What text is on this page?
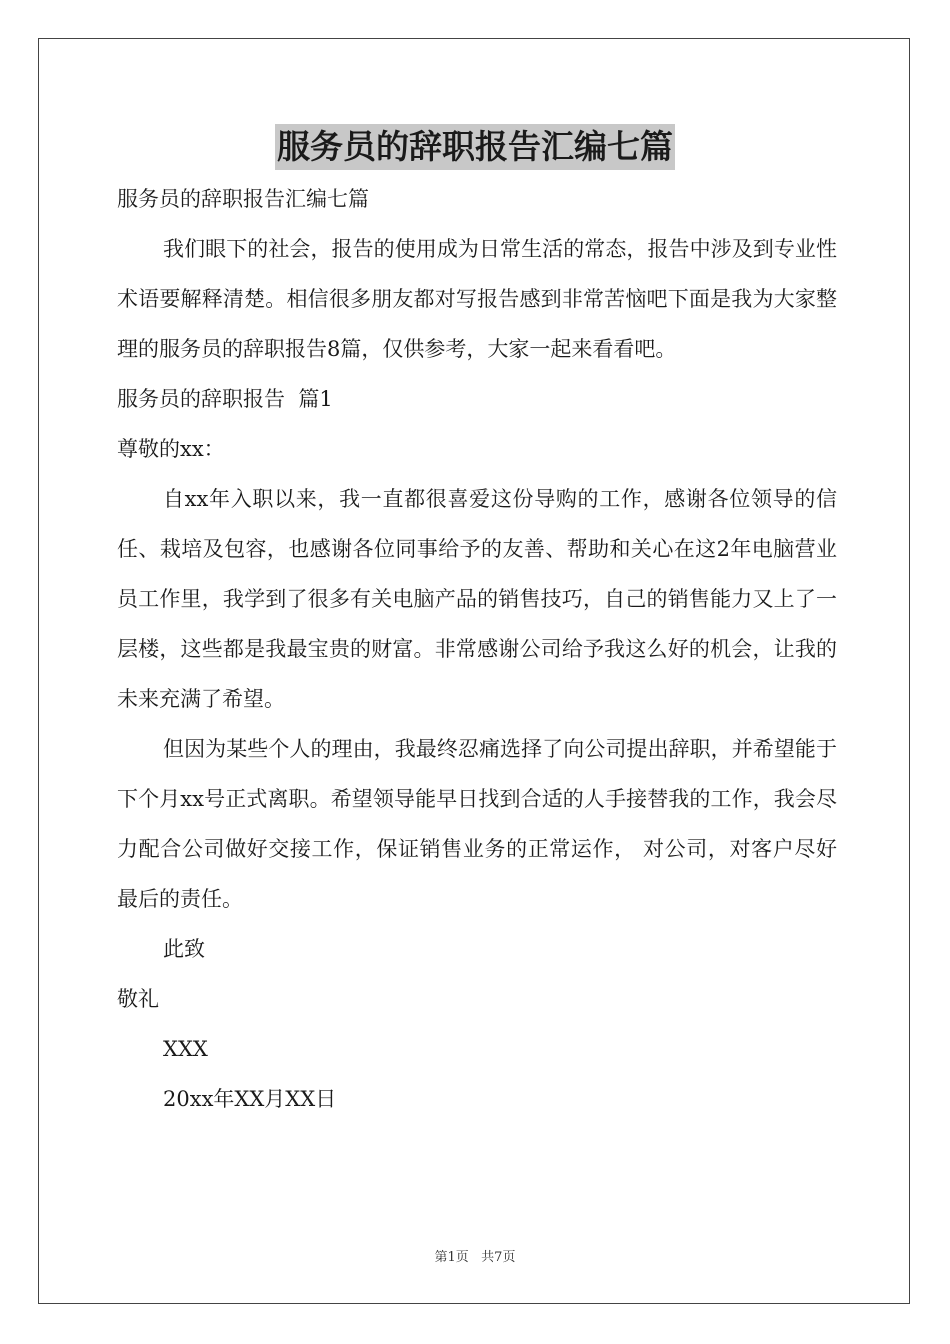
服务员的辞职报告汇编七篇

服务员的辞职报告汇编七篇

我们眼下的社会，报告的使用成为日常生活的常态，报告中涉及到专业性术语要解释清楚。相信很多朋友都对写报告感到非常苦恼吧下面是我为大家整理的服务员的辞职报告8篇，仅供参考，大家一起来看看吧。

服务员的辞职报告  篇1

尊敬的xx：

自xx年入职以来，我一直都很喜爱这份导购的工作，感谢各位领导的信任、栽培及包容，也感谢各位同事给予的友善、帮助和关心在这2年电脑营业员工作里，我学到了很多有关电脑产品的销售技巧，自己的销售能力又上了一层楼，这些都是我最宝贵的财富。非常感谢公司给予我这么好的机会，让我的未来充满了希望。

但因为某些个人的理由，我最终忍痛选择了向公司提出辞职，并希望能于下个月xx号正式离职。希望领导能早日找到合适的人手接替我的工作，我会尽力配合公司做好交接工作，保证销售业务的正常运作， 对公司，对客户尽好最后的责任。

此致

敬礼

XXX

20xx年XX月XX日

第1页   共7页
